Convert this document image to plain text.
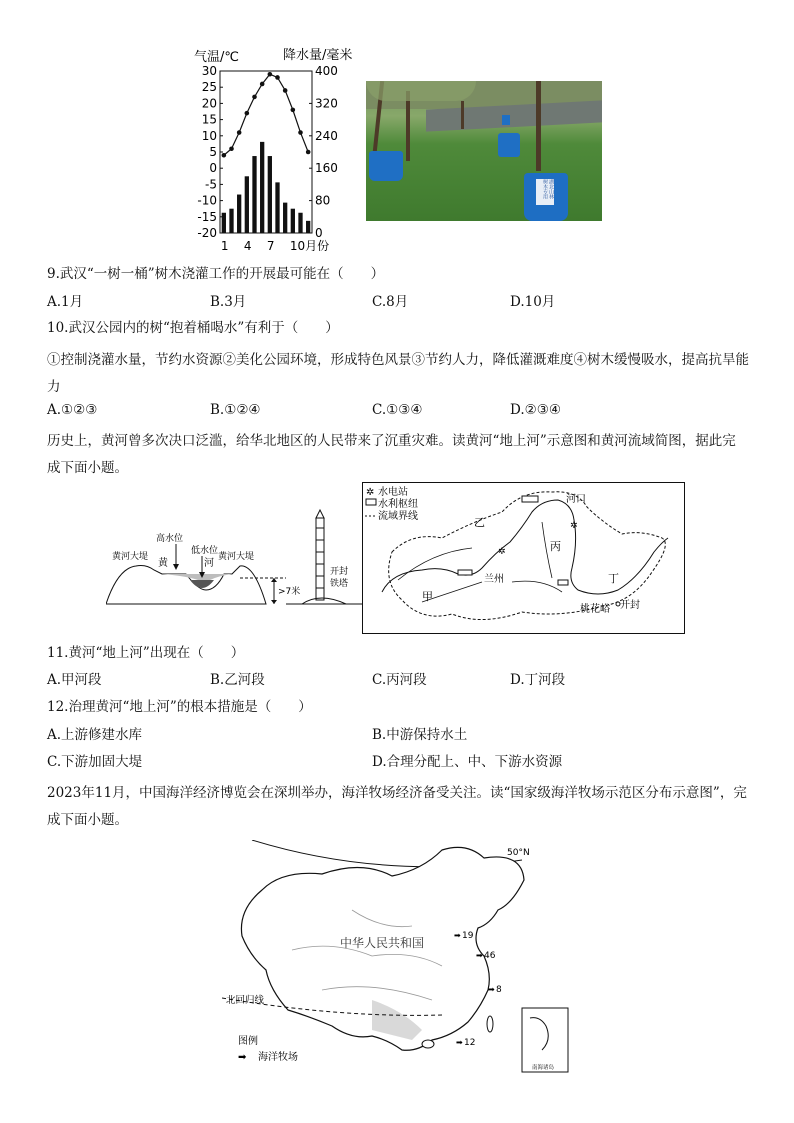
气温/℃	降水量/毫米
30
25
20
15
10
5
0
-5
-10
-15
-20
400
320
240
160
80
0
1 4 7 10月份
湖北山林 树木专用
9.武汉“一树一桶”树木浇灌工作的开展最可能在（　　）
A.1月	B.3月	C.8月	D.10月
10.武汉公园内的树“抱着桶喝水”有利于（　　）
①控制浇灌水量，节约水资源②美化公园环境，形成特色风景③节约人力，降低灌溉难度④树木缓慢吸水，提高抗旱能力
A.①②③	B.①②④	C.①③④	D.②③④
历史上，黄河曾多次决口泛滥，给华北地区的人民带来了沉重灾难。读黄河“地上河”示意图和黄河流域简图，据此完成下面小题。
高水位
低水位
黄河大堤	黄河大堤
黄	河
>7米
开封
铁塔
✲ 水电站
水利枢纽
流域界线	乙
丙
甲
丁
河口
兰州
桃花峪 开封
✲
✲
11.黄河“地上河”出现在（　　）
A.甲河段	B.乙河段	C.丙河段	D.丁河段
12.治理黄河“地上河”的根本措施是（　　）
A.上游修建水库	B.中游保持水土
C.下游加固大堤	D.合理分配上、中、下游水资源
2023年11月，中国海洋经济博览会在深圳举办，海洋牧场经济备受关注。读“国家级海洋牧场示范区分布示意图”，完成下面小题。
50°N
北回归线
中华人民共和国	19
46
8
12
➡
➡
➡
➡
图例
➡ 海洋牧场
南海诸岛
